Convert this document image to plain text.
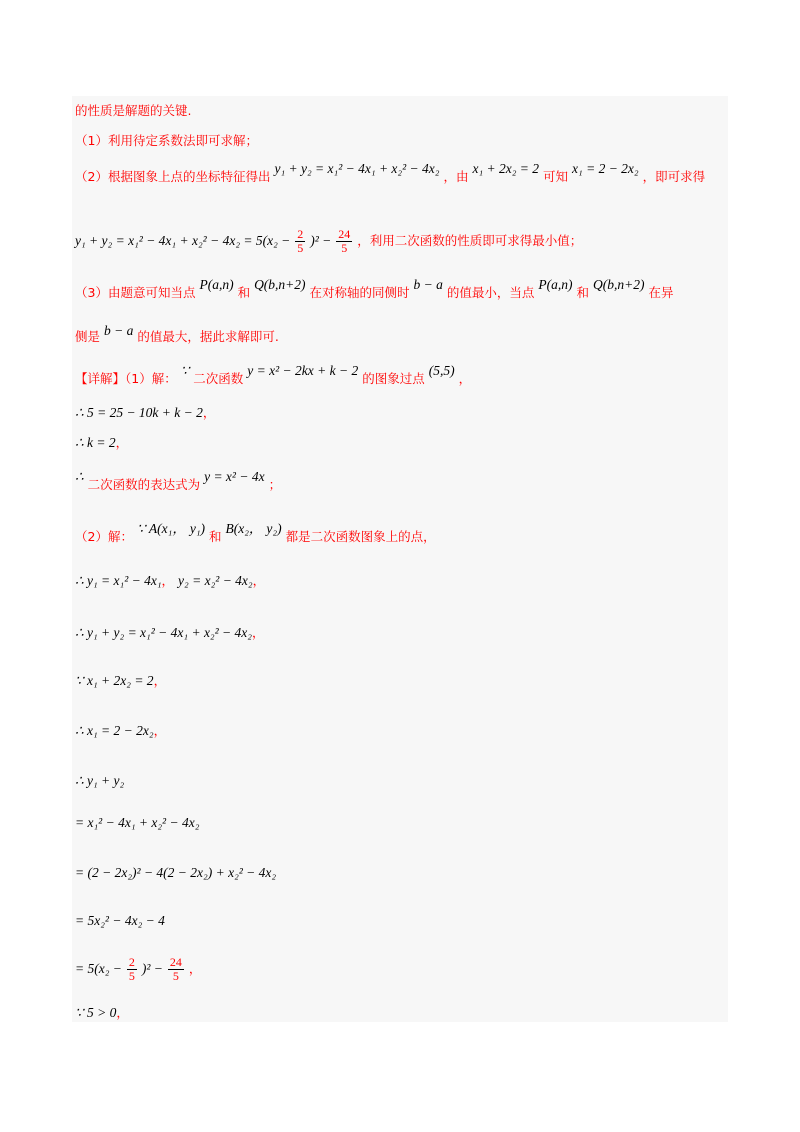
的性质是解题的关键.
（1）利用待定系数法即可求解；
（2）根据图象上点的坐标特征得出 y₁ + y₂ = x₁² − 4x₁ + x₂² − 4x₂ ，由 x₁ + 2x₂ = 2 可知 x₁ = 2 − 2x₂ ，即可求得
$y_1 + y_2 = x_1^2 - 4x_1 + x_2^2 - 4x_2 = 5(x_2 - \frac{2}{5} )^2 - \frac{24}{5}$ ，利用二次函数的性质即可求得最小值；
（3）由题意可知当点 P(a,n) 和 Q(b,n+2) 在对称轴的同侧时 b − a 的值最小，当点 P(a,n) 和 Q(b,n+2) 在异
侧是 b − a 的值最大，据此求解即可.
【详解】（1）解： ∵ 二次函数 y = x² − 2kx + k − 2 的图象过点 (5,5) ，
∴ 5 = 25 − 10k + k − 2，
∴ k = 2，
∴ 二次函数的表达式为 y = x² − 4x ；
（2）解： ∵ A(x₁， y₁) 和 B(x₂， y₂) 都是二次函数图象上的点，
∴ y₁ = x₁² − 4x₁， y₂ = x₂² − 4x₂，
∴ y₁ + y₂ = x₁² − 4x₁ + x₂² − 4x₂，
∵ x₁ + 2x₂ = 2，
∴ x₁ = 2 − 2x₂，
∴ y₁ + y₂
= x₁² − 4x₁ + x₂² − 4x₂
= (2 − 2x₂)² − 4(2 − 2x₂) + x₂² − 4x₂
= 5x₂² − 4x₂ − 4
= $5(x_2 - \frac{2}{5} )^2 - \frac{24}{5}$ ，
∵ 5 > 0，
